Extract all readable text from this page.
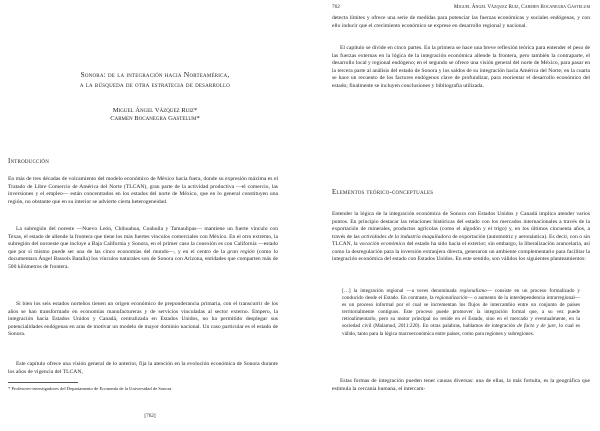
Sonora: de la integración hacia Norteamérica,
a la búsqueda de otra estrategia de desarrollo
Miguel Ángel Vázquez Ruiz*
Carmen Bocanegra Gastelum*
Introducción

En más de tres décadas de volcamiento del modelo económico de México hacia fuera, donde su expresión máxima es el Tratado de Libre Comercio de América del Norte (TLCAN), gran parte de la actividad productiva —el comercio, las inversiones y el empleo— están concentrados en los estados del norte de México, que en lo general constituyen una región, no obstante que en su interior se advierte cierta heterogeneidad.

La subregión del noreste —Nuevo León, Chihuahua, Coahuila y Tamaulipas— mantiene un fuerte vínculo con Texas, el estado de allende la frontera que tiene los más fuertes vínculos comerciales con México. En el otro extremo, la subregión del noroeste que incluye a Baja California y Sonora, en el primer caso la conexión es con California —estado que por sí mismo puede ser una de las cinco economías del mundo—, y en el centro de la gran región (como lo documentara Ángel Bassols Batalla) los vínculos naturales son de Sonora con Arizona, entidades que comparten más de 500 kilómetros de frontera.

Si bien los seis estados norteños tienen un origen económico de preponderancia primaria, con el transcurrir de los años se han transformado en economías manufactureras y de servicios vinculadas al sector externo. Empero, la integración hacia Estados Unidos y Canadá, centralizada en Estados Unidos, no ha permitido desplegar sus potencialidades endógenas en aras de motivar un modelo de mayor dominio nacional. Un caso particular es el estado de Sonora.

Este capítulo ofrece una visión general de lo anterior, fija la atención en la evolución económica de Sonora durante los años de vigencia del TLCAN,

* Profesores-investigadores del Departamento de Economía de la Universidad de Sonora.
[762]
762	Miguel Ángel Vázquez Ruiz, Carmen Bocanegra Gastelum

detecta límites y ofrece una serie de medidas para potenciar las fuerzas económicas y sociales endógenas, y con ello inducir que el crecimiento económico se exprese en desarrollo regional y nacional.

El capítulo se divide en cinco partes. En la primera se hace una breve reflexión teórica para entender el peso de las fuerzas externas en la lógica de la integración económica allende la frontera, pero también la contraparte, el desarrollo local y regional endógeno; en el segundo se ofrece una visión general del norte de México, para pasar en la tercera parte al análisis del estado de Sonora y los saldos de su integración hacia América del Norte; en la cuarta se hace un recuento de los factores endógenos clave de profundizar, para reorientar el desarrollo económico del estado; finalmente se incluyen conclusiones y bibliografía utilizada.

Elementos teórico-conceptuales

Entender la lógica de la integración económica de Sonora con Estados Unidos y Canadá implica atender varios puntos. En principio destacar las relaciones históricas del estado con los mercados internacionales a través de la exportación de minerales, productos agrícolas (como el algodón y el trigo) y, en los últimos cincuenta años, a través de las actividades de la industria maquiladora de exportación (automotriz y aeronáutica). Es decir, con o sin TLCAN, la vocación económica del estado ha sido hacia el exterior; sin embargo, la liberalización arancelaria, así como la desregulación para la inversión extranjera directa, generaron un ambiente complementario para facilitar la integración económica del estado con Estados Unidos. En este sentido, son válidos los siguientes planteamientos:

[…] la integración regional —a veces denominada regionalismo— consiste en un proceso formalizado y conducido desde el Estado. En contraste, la regionalización— o aumento de la interdependencia intrarregional— es un proceso informal por el cual se incrementan los flujos de intercambio entre un conjunto de países territorialmente contiguos. Este proceso puede promover la integración formal que, a su vez puede retroalimentarlo, pero su motor principal no reside en el Estado, sino en el mercado y eventualmente, en la sociedad civil (Malamud, 2011:220). En otras palabras, hablamos de integración de facto y de jure, lo cual es válido, tanto para la lógica macroeconómica entre países, como para regiones y subregiones.

Estas formas de integración pueden tener causas diversas: una de ellas, la más fortuita, es la geográfica que estimula la cercanía humana, el intercam-
